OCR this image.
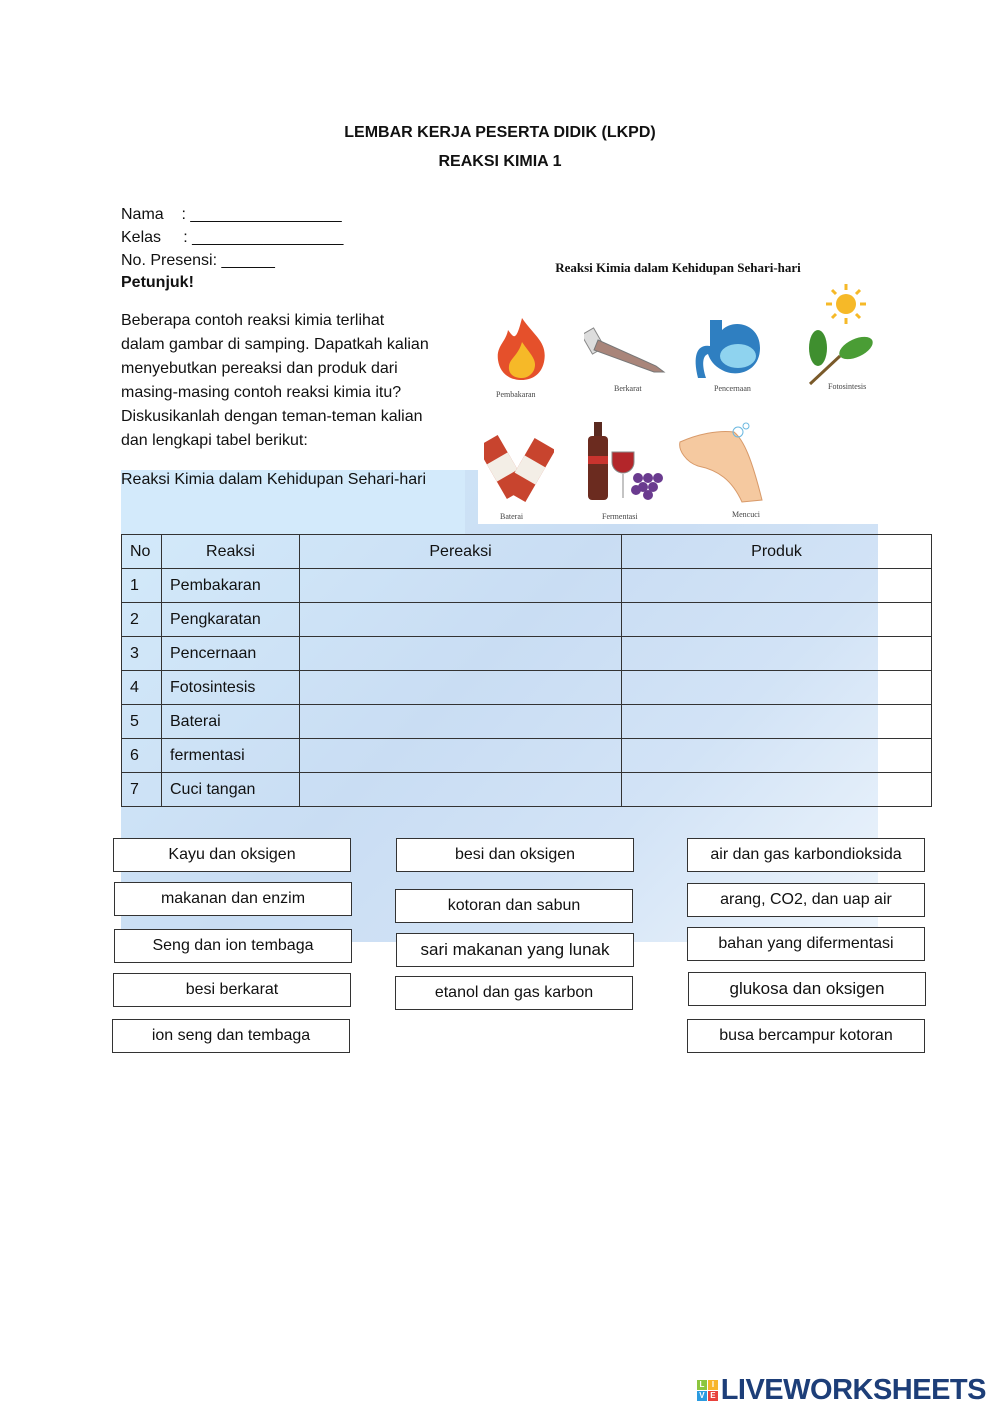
LEMBAR KERJA PESERTA DIDIK (LKPD)
REAKSI KIMIA 1
Nama    : _________________
Kelas     : _________________
No. Presensi: ______
Petunjuk!
Beberapa contoh reaksi kimia terlihat
dalam gambar di samping. Dapatkah kalian
menyebutkan pereaksi dan produk dari
masing-masing contoh reaksi kimia itu?
Diskusikanlah dengan teman-teman kalian
dan lengkapi tabel berikut:
Reaksi Kimia dalam Kehidupan Sehari-hari
Reaksi Kimia dalam Kehidupan Sehari-hari
Pembakaran
Berkarat	Pencernaan	Fotosintesis
Baterai	Fermentasi	Mencuci
No	Reaksi	Pereaksi	Produk
1	Pembakaran		
2	Pengkaratan		
3	Pencernaan		
4	Fotosintesis		
5	Baterai		
6	fermentasi		
7	Cuci tangan		
Kayu dan oksigen
makanan dan enzim
Seng dan ion tembaga
besi berkarat
ion seng dan tembaga
besi dan oksigen
kotoran dan sabun
sari makanan yang lunak
etanol dan gas karbon
air dan gas karbondioksida
arang, CO2, dan uap air
bahan yang difermentasi
glukosa dan oksigen
busa bercampur kotoran
L I
V E LIVEWORKSHEETS
